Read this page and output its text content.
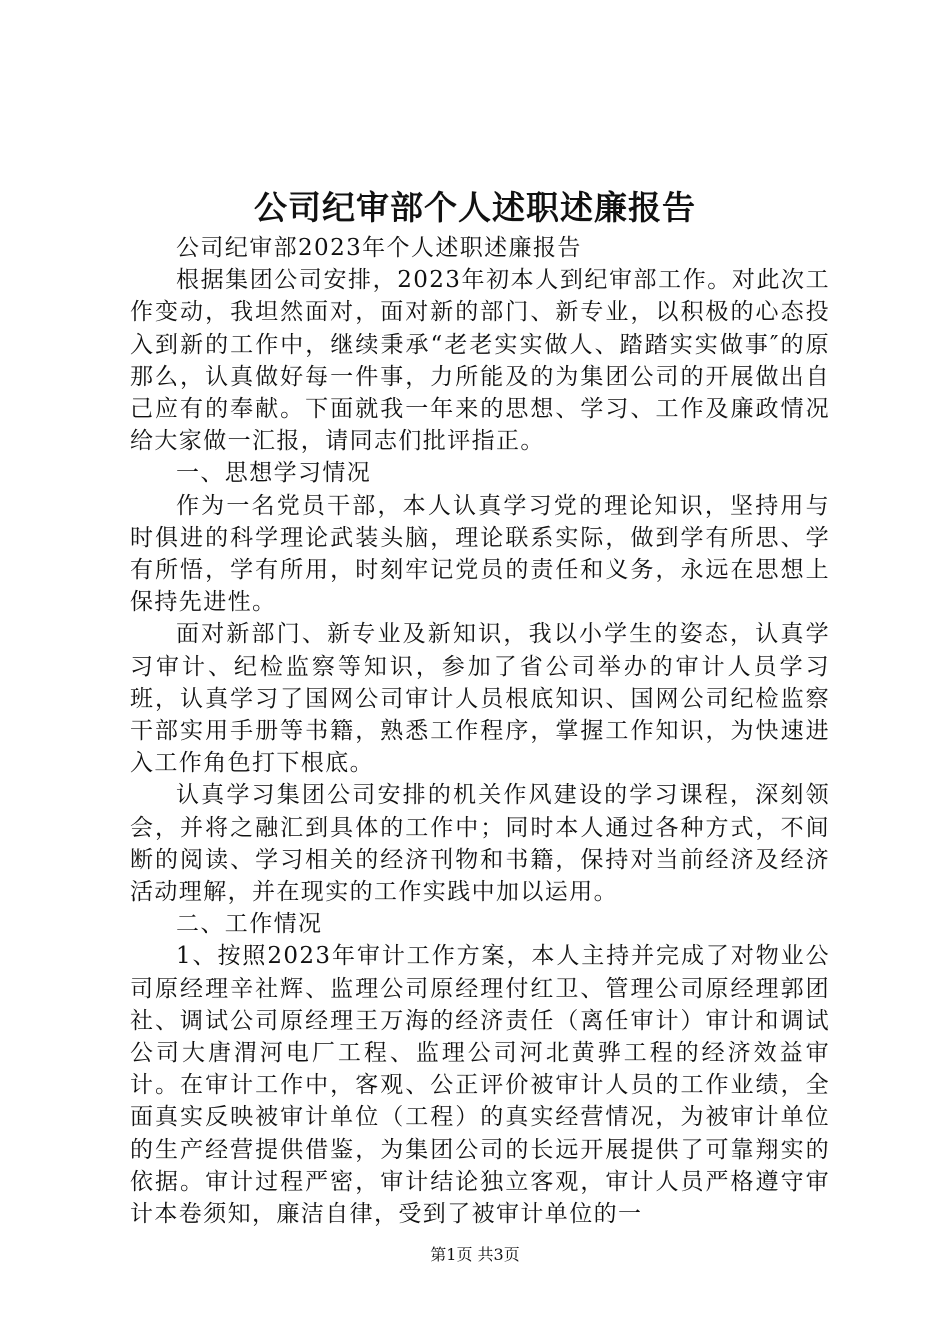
公司纪审部个人述职述廉报告

公司纪审部2023年个人述职述廉报告

根据集团公司安排，2023年初本人到纪审部工作。对此次工作变动，我坦然面对，面对新的部门、新专业，以积极的心态投入到新的工作中，继续秉承“老老实实做人、踏踏实实做事″的原那么，认真做好每一件事，力所能及的为集团公司的开展做出自己应有的奉献。下面就我一年来的思想、学习、工作及廉政情况给大家做一汇报，请同志们批评指正。

一、思想学习情况

作为一名党员干部，本人认真学习党的理论知识，坚持用与时俱进的科学理论武装头脑，理论联系实际，做到学有所思、学有所悟，学有所用，时刻牢记党员的责任和义务，永远在思想上保持先进性。

面对新部门、新专业及新知识，我以小学生的姿态，认真学习审计、纪检监察等知识，参加了省公司举办的审计人员学习班，认真学习了国网公司审计人员根底知识、国网公司纪检监察干部实用手册等书籍，熟悉工作程序，掌握工作知识，为快速进入工作角色打下根底。

认真学习集团公司安排的机关作风建设的学习课程，深刻领会，并将之融汇到具体的工作中；同时本人通过各种方式，不间断的阅读、学习相关的经济刊物和书籍，保持对当前经济及经济活动理解，并在现实的工作实践中加以运用。

二、工作情况

1、按照2023年审计工作方案，本人主持并完成了对物业公司原经理辛社辉、监理公司原经理付红卫、管理公司原经理郭团社、调试公司原经理王万海的经济责任（离任审计）审计和调试公司大唐渭河电厂工程、监理公司河北黄骅工程的经济效益审计。在审计工作中，客观、公正评价被审计人员的工作业绩，全面真实反映被审计单位（工程）的真实经营情况，为被审计单位的生产经营提供借鉴，为集团公司的长远开展提供了可靠翔实的依据。审计过程严密，审计结论独立客观，审计人员严格遵守审计本卷须知，廉洁自律，受到了被审计单位的一

第1页 共3页
